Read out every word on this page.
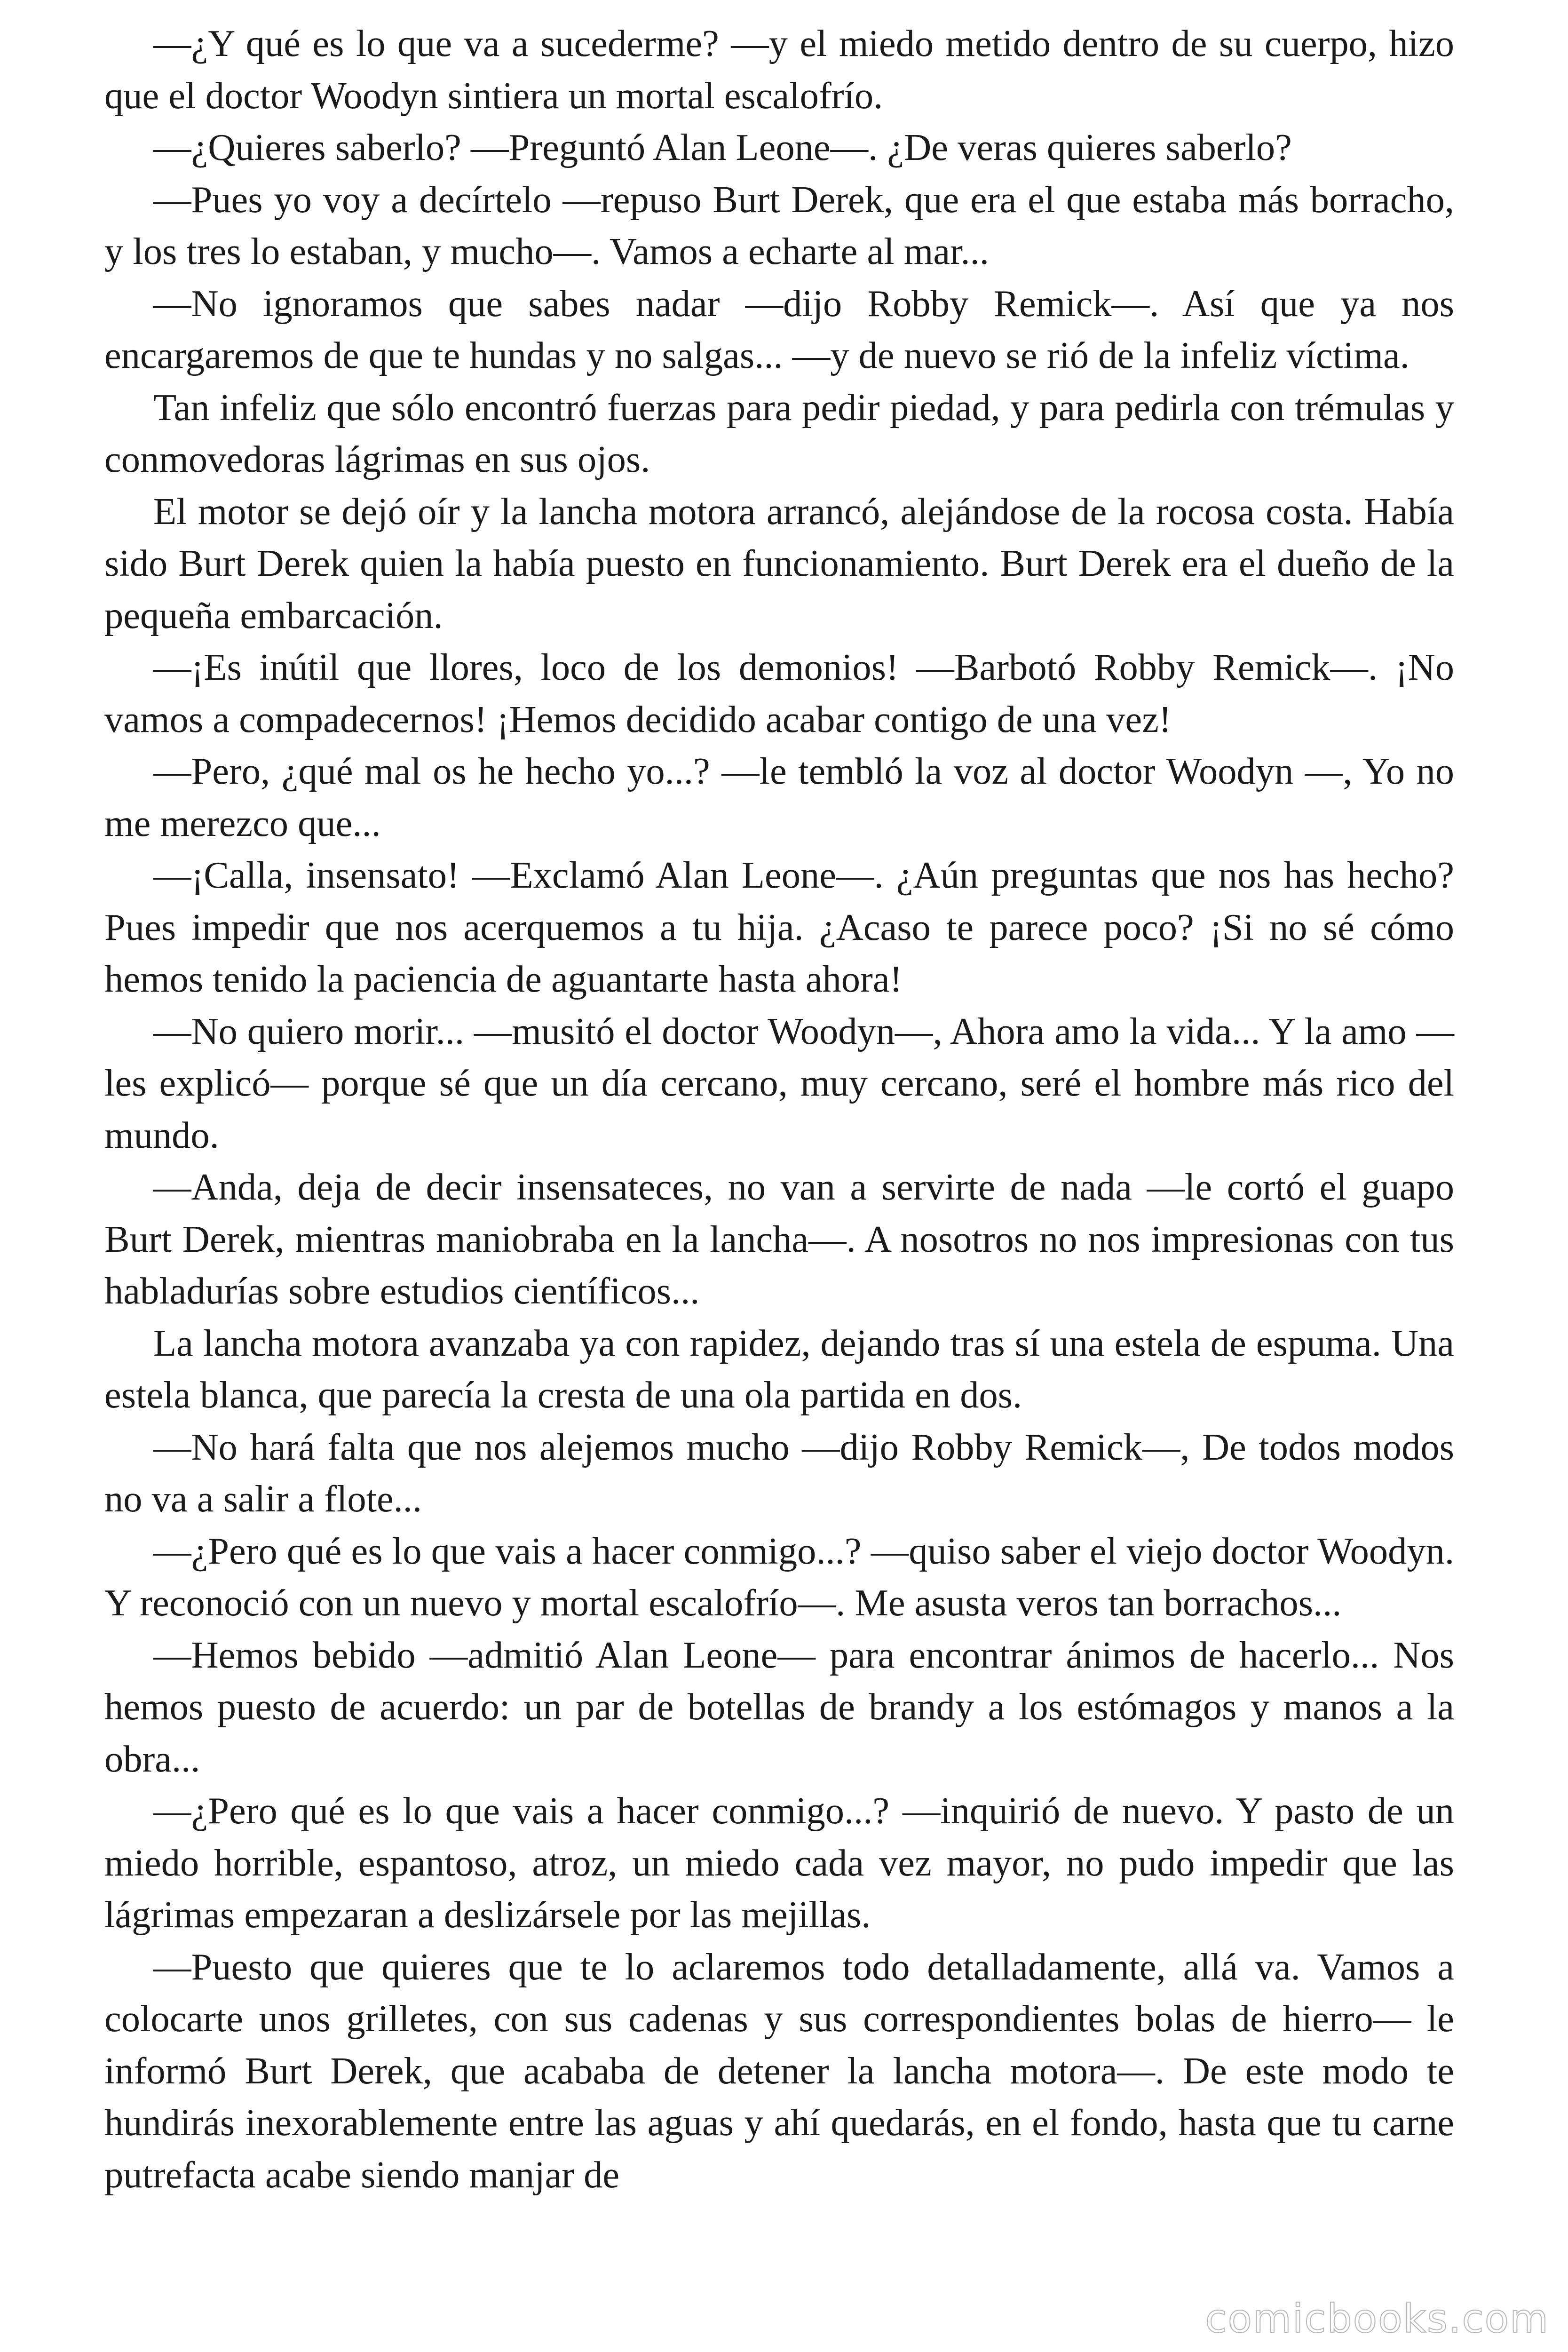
—¿Y qué es lo que va a sucederme? —y el miedo metido dentro de su cuerpo, hizo que el doctor Woodyn sintiera un mortal escalofrío.

—¿Quieres saberlo? —Preguntó Alan Leone—. ¿De veras quieres saberlo?

—Pues yo voy a decírtelo —repuso Burt Derek, que era el que estaba más borracho, y los tres lo estaban, y mucho—. Vamos a echarte al mar...

—No ignoramos que sabes nadar —dijo Robby Remick—. Así que ya nos encargaremos de que te hundas y no salgas... —y de nuevo se rió de la infeliz víctima.

Tan infeliz que sólo encontró fuerzas para pedir piedad, y para pedirla con trémulas y conmovedoras lágrimas en sus ojos.

El motor se dejó oír y la lancha motora arrancó, alejándose de la rocosa costa. Había sido Burt Derek quien la había puesto en funcionamiento. Burt Derek era el dueño de la pequeña embarcación.

—¡Es inútil que llores, loco de los demonios! —Barbotó Robby Remick—. ¡No vamos a compadecernos! ¡Hemos decidido acabar contigo de una vez!

—Pero, ¿qué mal os he hecho yo...? —le tembló la voz al doctor Woodyn —, Yo no me merezco que...

—¡Calla, insensato! —Exclamó Alan Leone—. ¿Aún preguntas que nos has hecho? Pues impedir que nos acerquemos a tu hija. ¿Acaso te parece poco? ¡Si no sé cómo hemos tenido la paciencia de aguantarte hasta ahora!

—No quiero morir... —musitó el doctor Woodyn—, Ahora amo la vida... Y la amo —les explicó— porque sé que un día cercano, muy cercano, seré el hombre más rico del mundo.

—Anda, deja de decir insensateces, no van a servirte de nada —le cortó el guapo Burt Derek, mientras maniobraba en la lancha—. A nosotros no nos impresionas con tus habladurías sobre estudios científicos...

La lancha motora avanzaba ya con rapidez, dejando tras sí una estela de espuma. Una estela blanca, que parecía la cresta de una ola partida en dos.

—No hará falta que nos alejemos mucho —dijo Robby Remick—, De todos modos no va a salir a flote...

—¿Pero qué es lo que vais a hacer conmigo...? —quiso saber el viejo doctor Woodyn. Y reconoció con un nuevo y mortal escalofrío—. Me asusta veros tan borrachos...

—Hemos bebido —admitió Alan Leone— para encontrar ánimos de hacerlo... Nos hemos puesto de acuerdo: un par de botellas de brandy a los estómagos y manos a la obra...

—¿Pero qué es lo que vais a hacer conmigo...? —inquirió de nuevo. Y pasto de un miedo horrible, espantoso, atroz, un miedo cada vez mayor, no pudo impedir que las lágrimas empezaran a deslizársele por las mejillas.

—Puesto que quieres que te lo aclaremos todo detalladamente, allá va. Vamos a colocarte unos grilletes, con sus cadenas y sus correspondientes bolas de hierro— le informó Burt Derek, que acababa de detener la lancha motora—. De este modo te hundirás inexorablemente entre las aguas y ahí quedarás, en el fondo, hasta que tu carne putrefacta acabe siendo manjar de

comicbooks.com
